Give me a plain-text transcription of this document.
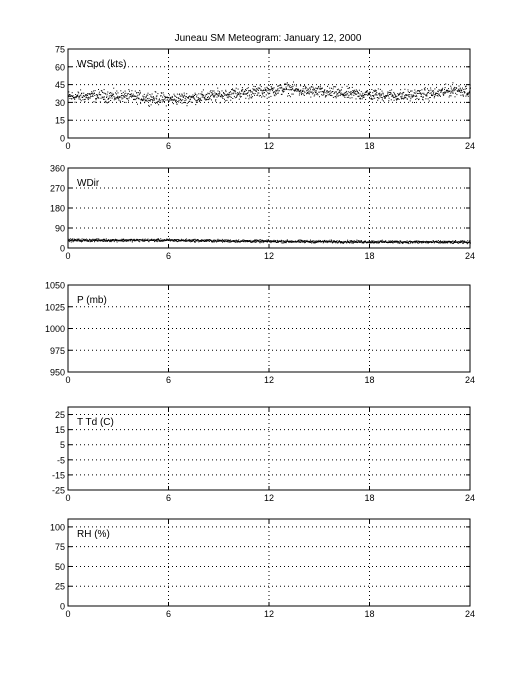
Juneau SM Meteogram: January 12, 2000
0	6	12	18	24
0
15
30
45
60
75
WSpd (kts)
0	6	12	18	24
0
90
180
270
360
WDir
0	6	12	18	24
950
975
1000
1025
1050
P (mb)
0	6	12	18	24
-25
-15
-5
5
15
25
T Td (C)
0	6	12	18	24
0
25
50
75
100
RH (%)
